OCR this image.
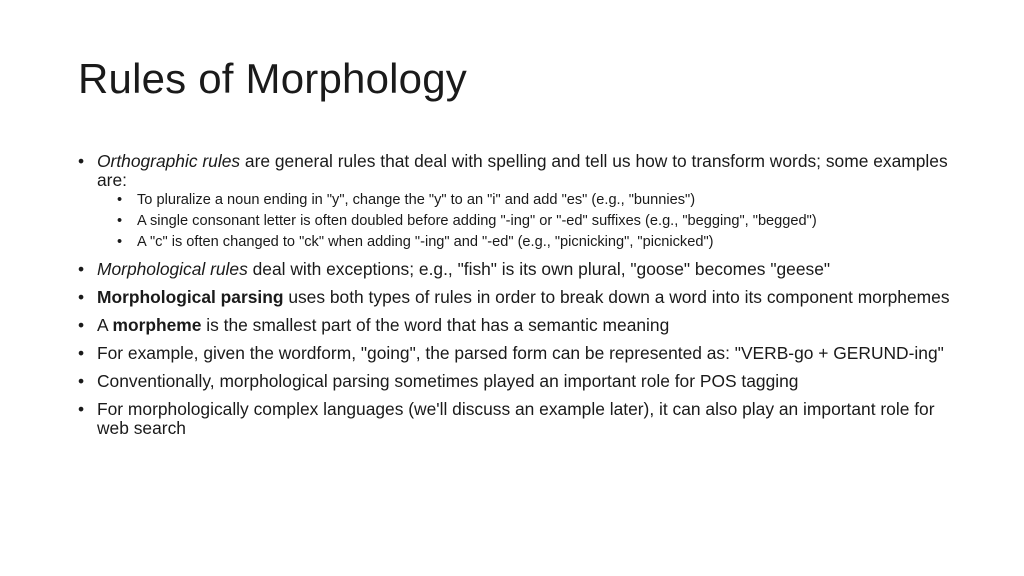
Rules of Morphology
• Orthographic rules are general rules that deal with spelling and tell us how to transform words; some examples are:
• To pluralize a noun ending in "y", change the "y" to an "i" and add "es" (e.g., "bunnies")
• A single consonant letter is often doubled before adding "-ing" or "-ed" suffixes (e.g., "begging", "begged")
• A "c" is often changed to "ck" when adding "-ing" and "-ed" (e.g., "picnicking", "picnicked")
• Morphological rules deal with exceptions; e.g., "fish" is its own plural, "goose" becomes "geese"
• Morphological parsing uses both types of rules in order to break down a word into its component morphemes
• A morpheme is the smallest part of the word that has a semantic meaning
• For example, given the wordform, "going", the parsed form can be represented as: "VERB-go + GERUND-ing"
• Conventionally, morphological parsing sometimes played an important role for POS tagging
• For morphologically complex languages (we'll discuss an example later), it can also play an important role for web search
